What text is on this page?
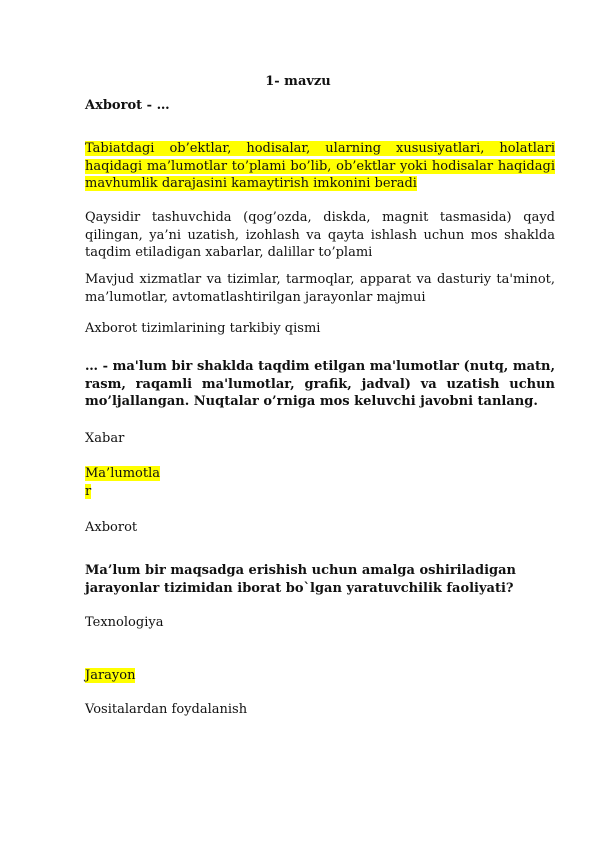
1- mavzu
Axborot - …
Tabiatdagi ob’ektlar, hodisalar, ularning xususiyatlari, holatlari haqidagi ma’lumotlar to’plami bo’lib, ob’ektlar yoki hodisalar haqidagi mavhumlik darajasini kamaytirish imkonini beradi
Qaysidir tashuvchida (qog’ozda, diskda, magnit tasmasida) qayd qilingan, ya’ni uzatish, izohlash va qayta ishlash uchun mos shaklda taqdim etiladigan xabarlar, dalillar to’plami
Mavjud xizmatlar va tizimlar, tarmoqlar, apparat va dasturiy ta'minot, ma’lumotlar, avtomatlashtirilgan jarayonlar majmui
Axborot tizimlarining tarkibiy qismi
… - ma'lum bir shaklda taqdim etilgan ma'lumotlar (nutq, matn, rasm, raqamli ma'lumotlar, grafik, jadval) va uzatish uchun mo’ljallangan. Nuqtalar o’rniga mos keluvchi javobni tanlang.
Xabar
Ma’lumotlar
Axborot
Ma’lum bir maqsadga erishish uchun amalga oshiriladigan jarayonlar tizimidan iborat bo`lgan yaratuvchilik faoliyati?
Texnologiya
Jarayon
Vositalardan foydalanish
